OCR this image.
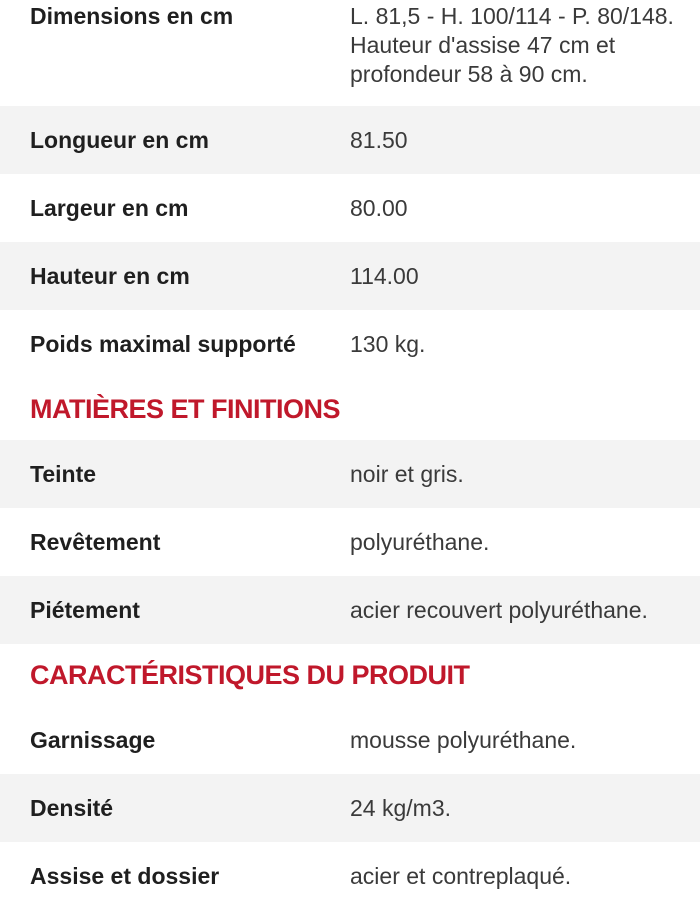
Dimensions en cm	L. 81,5 - H. 100/114 - P. 80/148. Hauteur d'assise 47 cm et profondeur 58 à 90 cm.
Longueur en cm	81.50
Largeur en cm	80.00
Hauteur en cm	114.00
Poids maximal supporté	130 kg.
MATIÈRES ET FINITIONS
Teinte	noir et gris.
Revêtement	polyuréthane.
Piétement	acier recouvert polyuréthane.
CARACTÉRISTIQUES DU PRODUIT
Garnissage	mousse polyuréthane.
Densité	24 kg/m3.
Assise et dossier	acier et contreplaqué.
